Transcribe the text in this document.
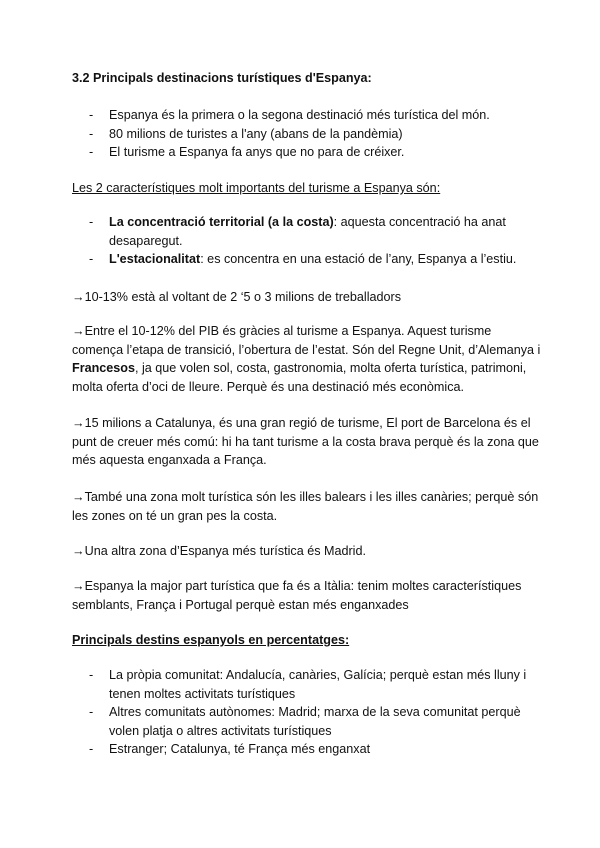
3.2 Principals destinacions turístiques d'Espanya:
- Espanya és la primera o la segona destinació més turística del món.
- 80 milions de turistes a l'any (abans de la pandèmia)
- El turisme a Espanya fa anys que no para de créixer.

Les 2 característiques molt importants del turisme a Espanya són:

- La concentració territorial (a la costa): aquesta concentració ha anat
desaparegut.
- L'estacionalitat: es concentra en una estació de l’any, Espanya a l’estiu.

→10-13% està al voltant de 2 ‘5 o 3 milions de treballadors

→Entre el 10-12% del PIB és gràcies al turisme a Espanya. Aquest turisme
comença l’etapa de transició, l’obertura de l’estat. Són del Regne Unit, d’Alemanya i
Francesos, ja que volen sol, costa, gastronomia, molta oferta turística, patrimoni,
molta oferta d’oci de lleure. Perquè és una destinació més econòmica.

→15 milions a Catalunya, és una gran regió de turisme, El port de Barcelona és el
punt de creuer més comú: hi ha tant turisme a la costa brava perquè és la zona que
més aquesta enganxada a França.

→També una zona molt turística són les illes balears i les illes canàries; perquè són
les zones on té un gran pes la costa.

→Una altra zona d’Espanya més turística és Madrid.

→Espanya la major part turística que fa és a Itàlia: tenim moltes característiques
semblants, França i Portugal perquè estan més enganxades

Principals destins espanyols en percentatges:

- La pròpia comunitat: Andalucía, canàries, Galícia; perquè estan més lluny i
tenen moltes activitats turístiques
- Altres comunitats autònomes: Madrid; marxa de la seva comunitat perquè
volen platja o altres activitats turístiques
- Estranger; Catalunya, té França més enganxat
